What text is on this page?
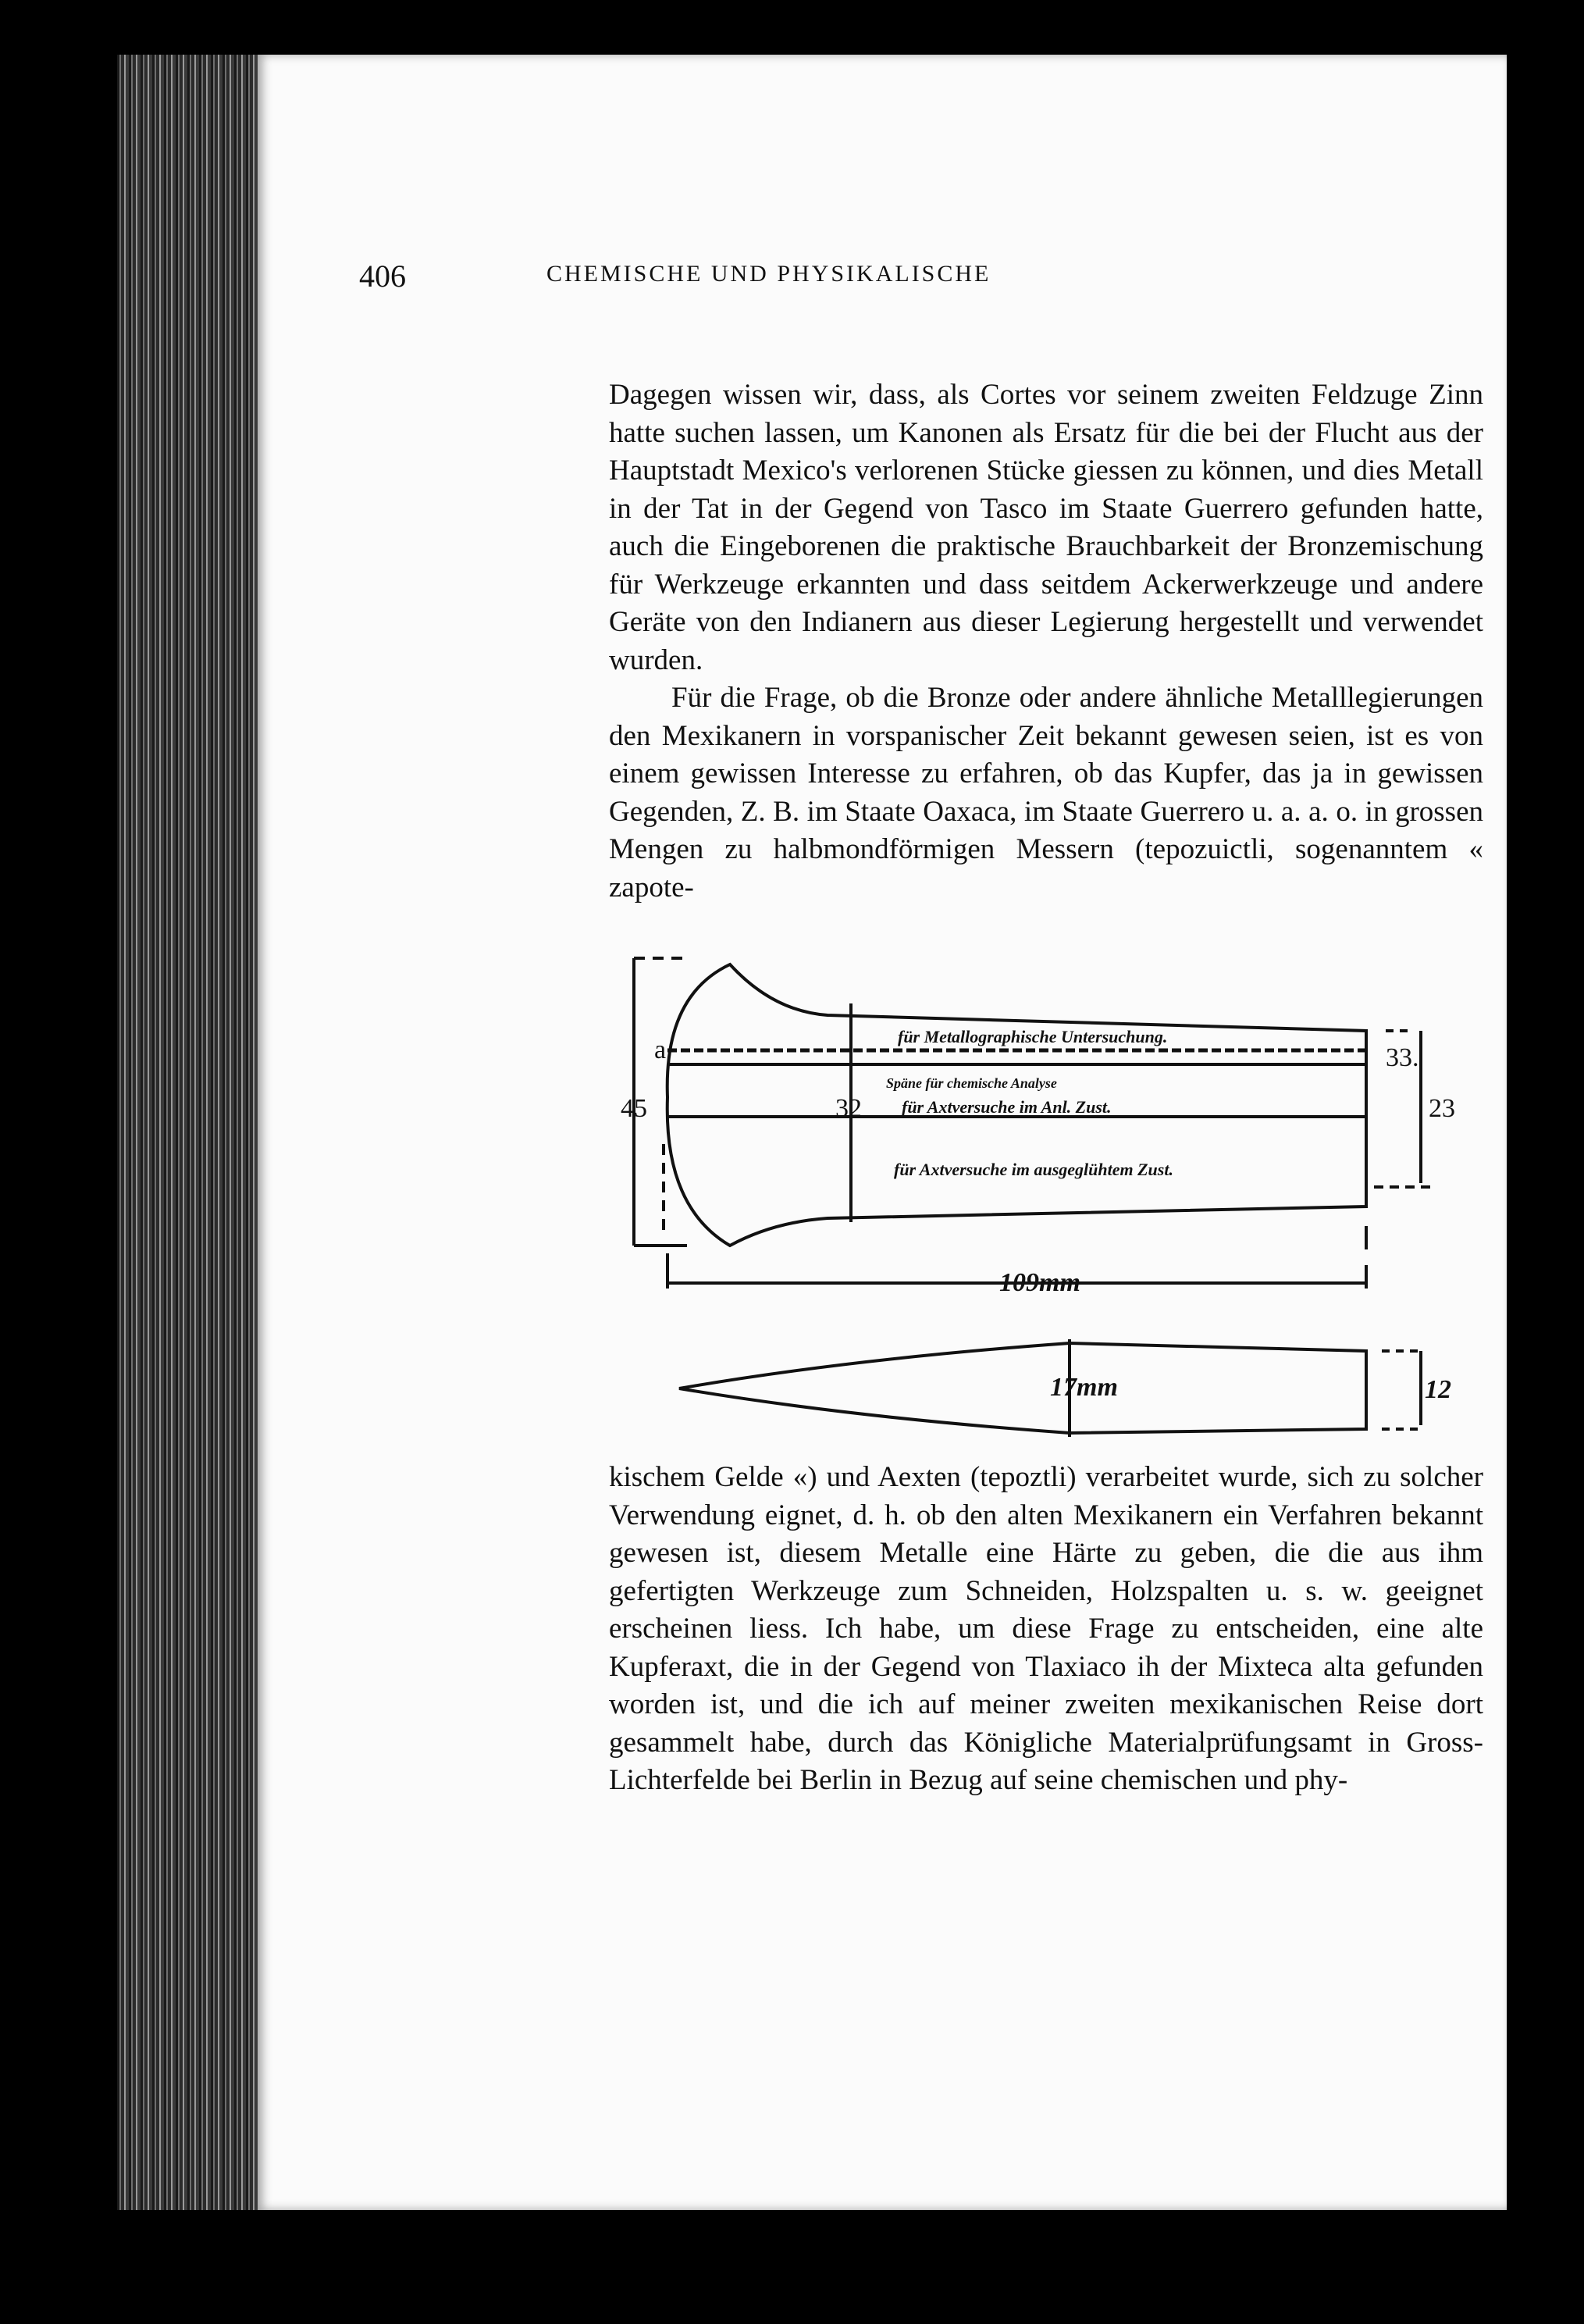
406	CHEMISCHE UND PHYSIKALISCHE

Dagegen wissen wir, dass, als Cortes vor seinem zweiten Feldzuge Zinn hatte suchen lassen, um Kanonen als Ersatz für die bei der Flucht aus der Hauptstadt Mexico's verlorenen Stücke giessen zu können, und dies Metall in der Tat in der Gegend von Tasco im Staate Guerrero gefunden hatte, auch die Eingeborenen die praktische Brauchbarkeit der Bronzemischung für Werkzeuge erkannten und dass seitdem Ackerwerkzeuge und andere Geräte von den Indianern aus dieser Legierung hergestellt und verwendet wurden.

Für die Frage, ob die Bronze oder andere ähnliche Metalllegierungen den Mexikanern in vorspanischer Zeit bekannt gewesen seien, ist es von einem gewissen Interesse zu erfahren, ob das Kupfer, das ja in gewissen Gegenden, Z. B. im Staate Oaxaca, im Staate Guerrero u. a. a. o. in grossen Mengen zu halbmondförmigen Messern (tepozuictli, sogenanntem « zapote-

a
45	32
33.
23
109mm
17mm	12
für Metallographische Untersuchung.
Späne für chemische Analyse
für Axtversuche im Anl. Zust.
für Axtversuche im ausgeglühtem Zust.

kischem Gelde «) und Aexten (tepoztli) verarbeitet wurde, sich zu solcher Verwendung eignet, d. h. ob den alten Mexikanern ein Verfahren bekannt gewesen ist, diesem Metalle eine Härte zu geben, die die aus ihm gefertigten Werkzeuge zum Schneiden, Holzspalten u. s. w. geeignet erscheinen liess. Ich habe, um diese Frage zu entscheiden, eine alte Kupferaxt, die in der Gegend von Tlaxiaco ih der Mixteca alta gefunden worden ist, und die ich auf meiner zweiten mexikanischen Reise dort gesammelt habe, durch das Königliche Materialprüfungsamt in Gross-Lichterfelde bei Berlin in Bezug auf seine chemischen und phy-
